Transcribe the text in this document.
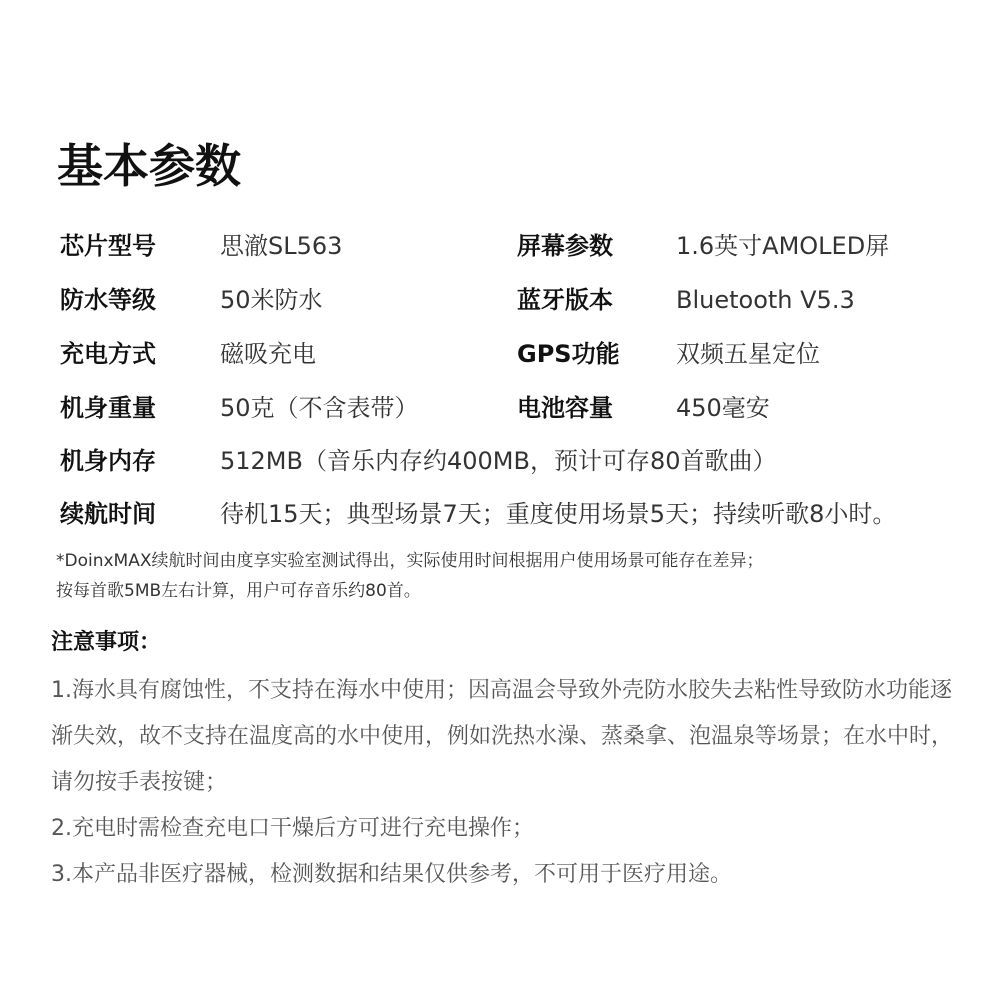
基本参数
芯片型号	思澈SL563	屏幕参数	1.6英寸AMOLED屏
防水等级	50米防水	蓝牙版本	Bluetooth V5.3
充电方式	磁吸充电	GPS功能 双频五星定位
机身重量	50克（不含表带）	电池容量	450毫安
机身内存	512MB（音乐内存约400MB，预计可存80首歌曲）
续航时间	待机15天；典型场景7天；重度使用场景5天；持续听歌8小时。

*DoinxMAX续航时间由度享实验室测试得出，实际使用时间根据用户使用场景可能存在差异；

按每首歌5MB左右计算，用户可存音乐约80首。

注意事项：
1.海水具有腐蚀性，不支持在海水中使用；因高温会导致外壳防水胶失去粘性导致防水功能逐渐失效，故不支持在温度高的水中使用，例如洗热水澡、蒸桑拿、泡温泉等场景；在水中时，请勿按手表按键；
2.充电时需检查充电口干燥后方可进行充电操作；
3.本产品非医疗器械，检测数据和结果仅供参考，不可用于医疗用途。
